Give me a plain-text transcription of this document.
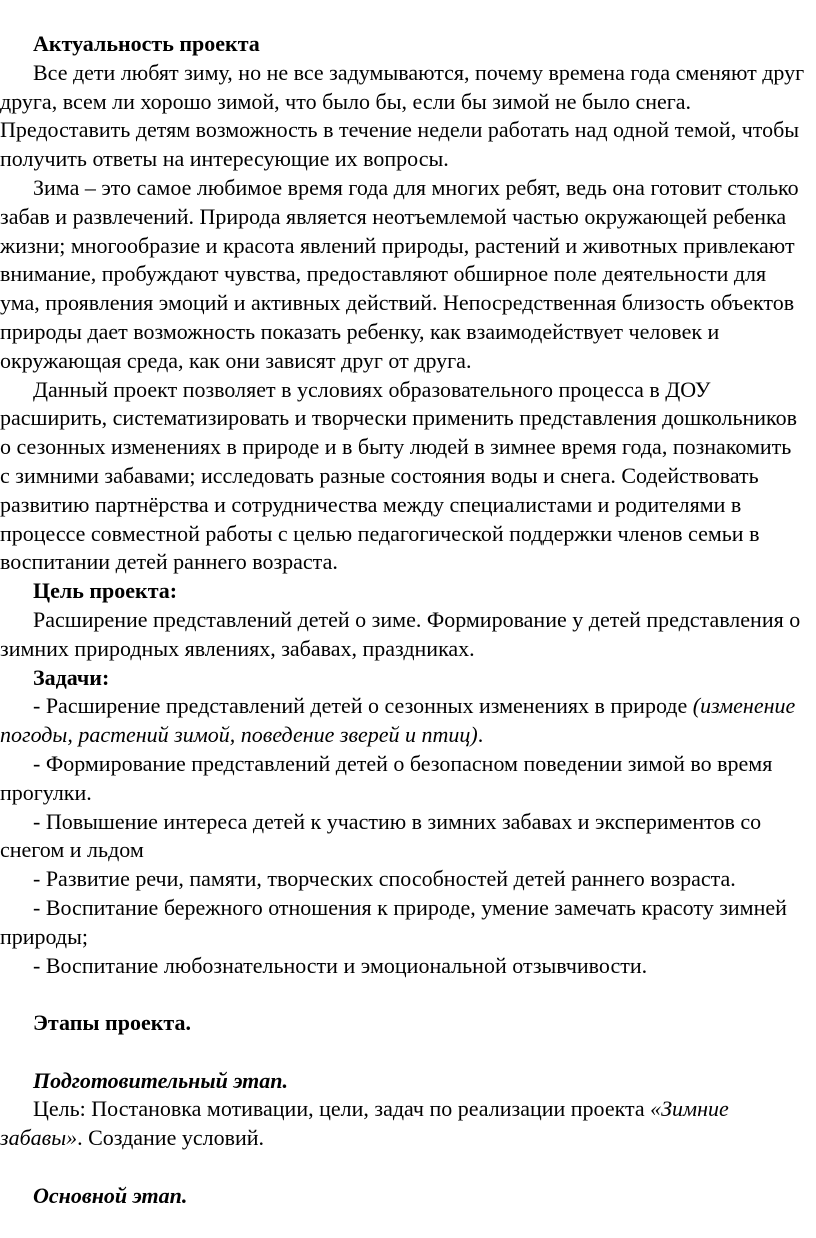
Актуальность проекта

Все дети любят зиму, но не все задумываются, почему времена года сменяют друг друга, всем ли хорошо зимой, что было бы, если бы зимой не было снега. Предоставить детям возможность в течение недели работать над одной темой, чтобы получить ответы на интересующие их вопросы.

Зима – это самое любимое время года для многих ребят, ведь она готовит столько забав и развлечений. Природа является неотъемлемой частью окружающей ребенка жизни; многообразие и красота явлений природы, растений и животных привлекают внимание, пробуждают чувства, предоставляют обширное поле деятельности для ума, проявления эмоций и активных действий. Непосредственная близость объектов природы дает возможность показать ребенку, как взаимодействует человек и окружающая среда, как они зависят друг от друга.

Данный проект позволяет в условиях образовательного процесса в ДОУ расширить, систематизировать и творчески применить представления дошкольников о сезонных изменениях в природе и в быту людей в зимнее время года, познакомить с зимними забавами; исследовать разные состояния воды и снега. Содействовать развитию партнёрства и сотрудничества между специалистами и родителями в процессе совместной работы с целью педагогической поддержки членов семьи в воспитании детей раннего возраста.

Цель проекта:

Расширение представлений детей о зиме. Формирование у детей представления о зимних природных явлениях, забавах, праздниках.

Задачи:

- Расширение представлений детей о сезонных изменениях в природе (изменение погоды, растений зимой, поведение зверей и птиц).

- Формирование представлений детей о безопасном поведении зимой во время прогулки.

- Повышение интереса детей к участию в зимних забавах и экспериментов со снегом и льдом

- Развитие речи, памяти, творческих способностей детей раннего возраста.

- Воспитание бережного отношения к природе, умение замечать красоту зимней природы;

- Воспитание любознательности и эмоциональной отзывчивости.

Этапы проекта.

Подготовительный этап.

Цель: Постановка мотивации, цели, задач по реализации проекта «Зимние забавы». Создание условий.

Основной этап.
